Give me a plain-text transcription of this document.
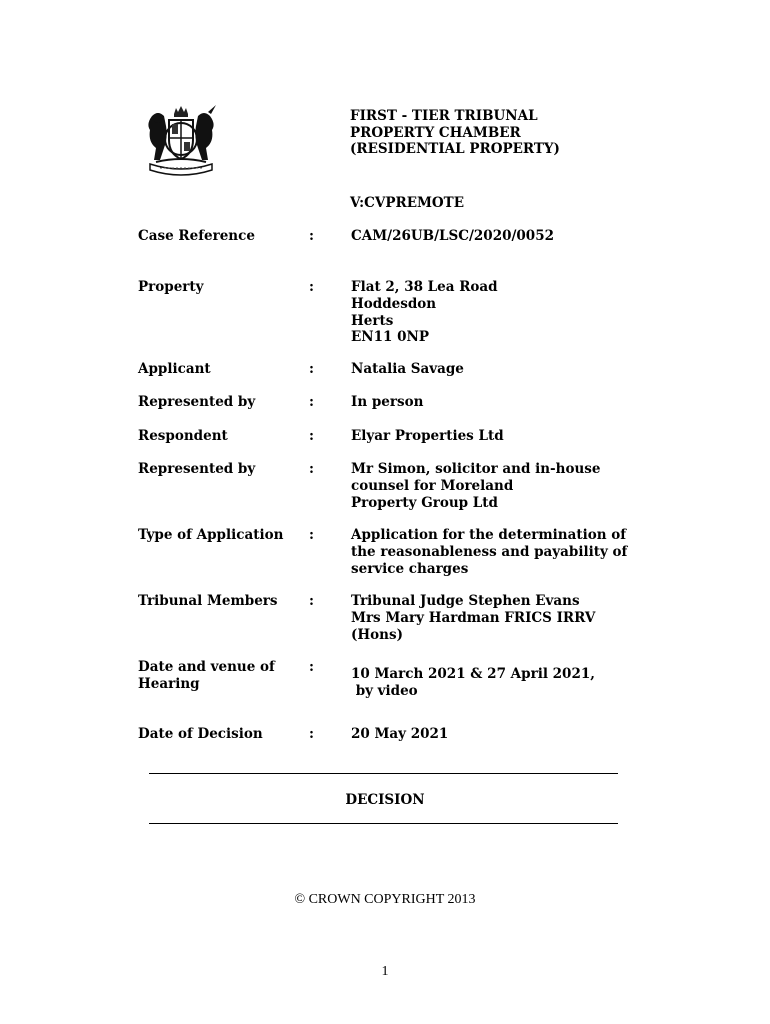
FIRST - TIER TRIBUNAL
PROPERTY CHAMBER
(RESIDENTIAL PROPERTY)
V:CVPREMOTE
Case Reference	:	CAM/26UB/LSC/2020/0052
Property	:	Flat 2, 38 Lea Road
Hoddesdon
Herts
EN11 0NP
Applicant	:	Natalia Savage
Represented by	:	In person
Respondent	:	Elyar Properties Ltd
Represented by	:	Mr Simon, solicitor and in-house
counsel for Moreland
Property Group Ltd
Type of Application	:	Application for the determination of
the reasonableness and payability of
service charges
Tribunal Members	:	Tribunal Judge Stephen Evans
Mrs Mary Hardman FRICS IRRV
(Hons)
Date and venue of
Hearing
:	10 March 2021 & 27 April 2021,
by video
Date of Decision	:	20 May 2021
DECISION
© CROWN COPYRIGHT 2013
1
